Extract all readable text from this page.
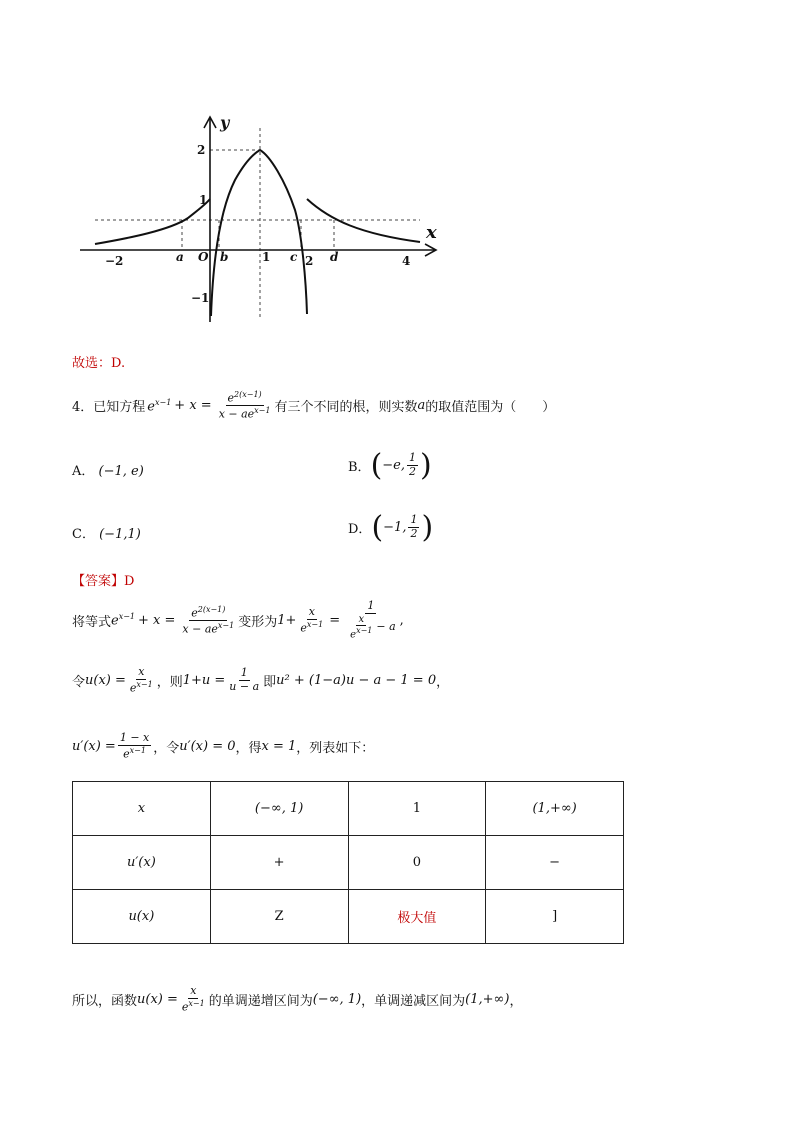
y
x
−2	a O b	1 c 2 d	4
2
1
−1
故选：D.
4．已知方程 $e^{x-1} + x = \frac{e^{2(x-1)}}{x - ae^{x-1}}$ 有三个不同的根，则实数 a 的取值范围为（　　）
A． (−1, e)	B． ( −e, $\frac{1}{2}$ )
C． (−1,1)	D． ( −1, $\frac{1}{2}$ )
【答案】D
将等式 $e^{x-1} + x = \frac{e^{2(x-1)}}{x - ae^{x-1}}$ 变形为 $1+ \frac{x}{e^{x-1}} = \frac{1}{\frac{x}{e^{x-1}} - a}$ ,
令 $u(x) = \frac{x}{e^{x-1}}$ ，则 $1+u = \frac{1}{u - a}$ 即 u² + (1−a)u − a − 1 = 0 ，
$u'(x) = \frac{1 - x}{e^{x-1}}$ ，令 u′(x) = 0 ，得 x = 1 ，列表如下：
x	(−∞, 1)	1	(1,+∞)
u′(x)	+	0	−
u(x)	Z	极大值	]
所以，函数 $u(x) = \frac{x}{e^{x-1}}$ 的单调递增区间为 (−∞, 1) ，单调递减区间为 (1,+∞) ，
